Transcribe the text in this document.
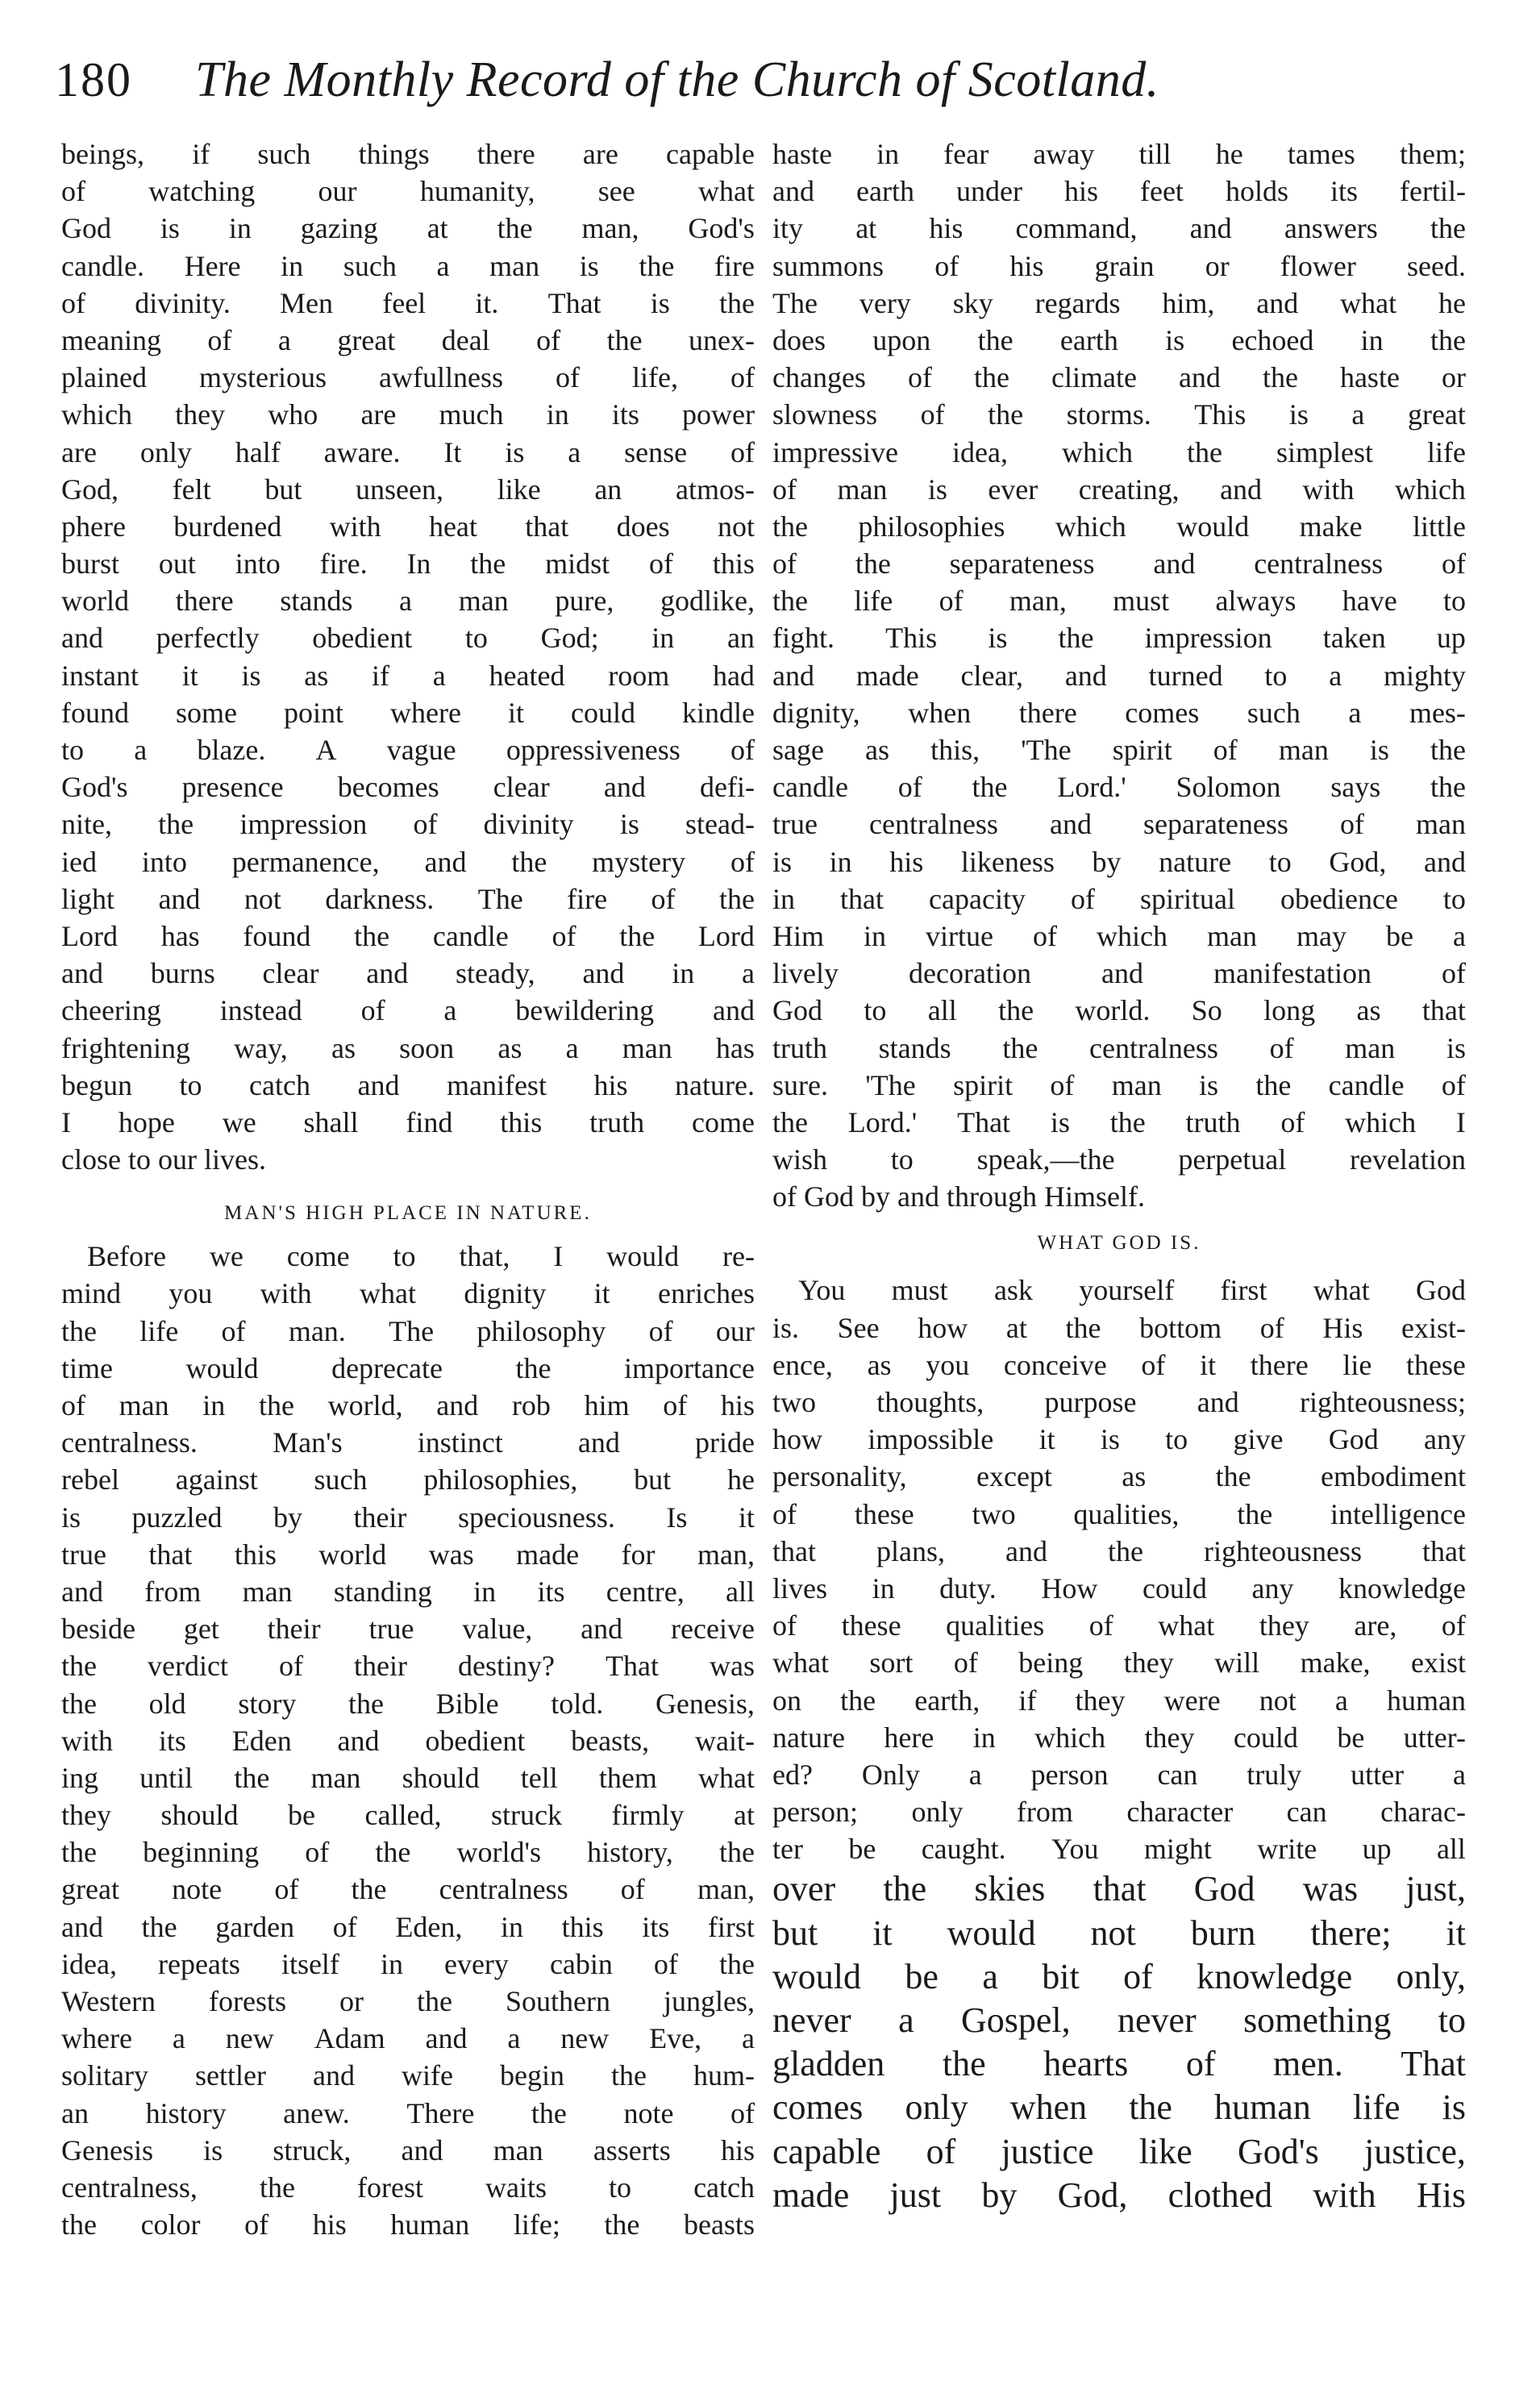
180 The Monthly Record of the Church of Scotland.
beings, if such things there are capable
of watching our humanity, see what
God is in gazing at the man, God's
candle. Here in such a man is the fire
of divinity. Men feel it. That is the
meaning of a great deal of the unex-
plained mysterious awfullness of life, of
which they who are much in its power
are only half aware. It is a sense of
God, felt but unseen, like an atmos-
phere burdened with heat that does not
burst out into fire. In the midst of this
world there stands a man pure, godlike,
and perfectly obedient to God; in an
instant it is as if a heated room had
found some point where it could kindle
to a blaze. A vague oppressiveness of
God's presence becomes clear and defi-
nite, the impression of divinity is stead-
ied into permanence, and the mystery of
light and not darkness. The fire of the
Lord has found the candle of the Lord
and burns clear and steady, and in a
cheering instead of a bewildering and
frightening way, as soon as a man has
begun to catch and manifest his nature.
I hope we shall find this truth come
close to our lives.
MAN'S HIGH PLACE IN NATURE.
Before we come to that, I would re-
mind you with what dignity it enriches
the life of man. The philosophy of our
time	would	deprecate	the	importance
of man in the world, and rob him of his
centralness.	Man's	instinct	and	pride
rebel against such philosophies, but he
is puzzled by their speciousness. Is it
true that this world was made for man,
and from man standing in its centre, all
beside get their true value, and receive
the verdict of their destiny? That was
the old story the Bible told. Genesis,
with its Eden and obedient beasts, wait-
ing until the man should tell them what
they should be called, struck firmly at
the beginning of the world's history, the
great note of the centralness of man,
and the garden of Eden, in this its first
idea, repeats itself in every cabin of the
Western forests or the Southern jungles,
where a new Adam and a new Eve, a
solitary settler and wife begin the hum-
an history anew. There the note of
Genesis is struck, and man asserts his
centralness, the forest waits to catch
the color of his human life; the beasts
haste in fear away till he tames them;
and earth under his feet holds its fertil-
ity at his command, and answers the
summons of his grain or flower seed.
The very sky regards him, and what he
does upon the earth is echoed in the
changes of the climate and the haste or
slowness of the storms. This is a great
impressive idea, which the simplest life
of man is ever creating, and with which
the philosophies which would make little
of the separateness and centralness of
the life of man, must always have to
fight. This is the impression taken up
and made clear, and turned to a mighty
dignity, when there comes such a mes-
sage as this, 'The spirit of man is the
candle of the Lord.' Solomon says the
true centralness and separateness of man
is in his likeness by nature to God, and
in that capacity of spiritual obedience to
Him in virtue of which man may be a
lively decoration and manifestation of
God to all the world. So long as that
truth stands the centralness of man is
sure. 'The spirit of man is the candle of
the Lord.' That is the truth of which I
wish to speak,—the perpetual revelation
of God by and through Himself.
WHAT GOD IS.
You must ask yourself first what God
is. See how at the bottom of His exist-
ence, as you conceive of it there lie these
two thoughts, purpose and righteousness;
how impossible it is to give God any
personality, except as the embodiment
of these two qualities, the intelligence
that plans, and the righteousness that
lives in duty. How could any knowledge
of these qualities of what they are, of
what sort of being they will make, exist
on the earth, if they were not a human
nature here in which they could be utter-
ed? Only a person can truly utter a
person; only from character can charac-
ter be caught. You might write up all
over the skies that God was just,
but it would not burn there; it
would be a bit of knowledge only,
never a Gospel, never something to
gladden the hearts of men. That
comes only when the human life is
capable of justice like God's justice,
made just by God, clothed with His
